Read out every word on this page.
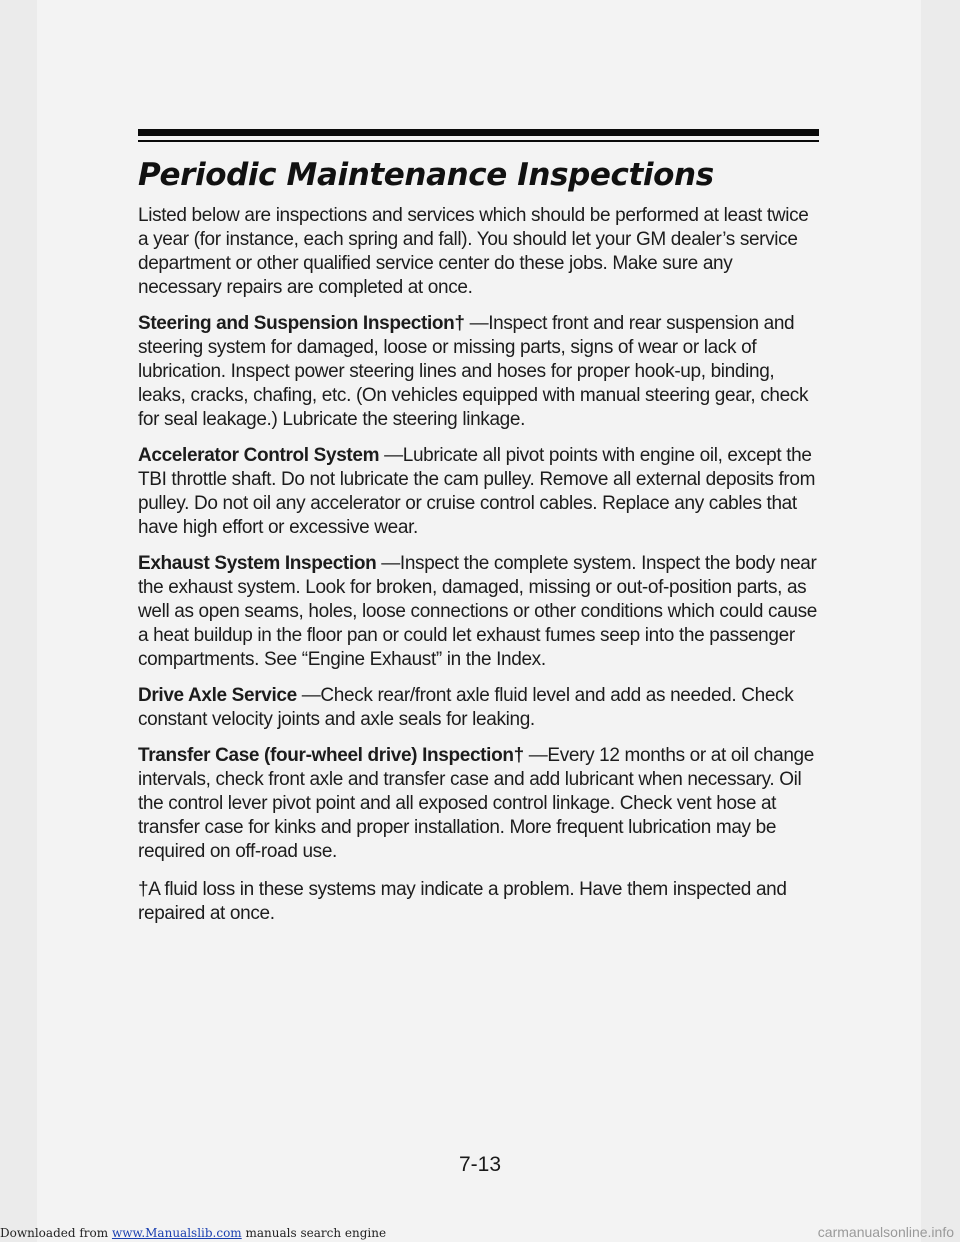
Periodic Maintenance Inspections

Listed below are inspections and services which should be performed at least twice a year (for instance, each spring and fall). You should let your GM dealer’s service department or other qualified service center do these jobs. Make sure any necessary repairs are completed at once.

Steering and Suspension Inspection† —Inspect front and rear suspension and steering system for damaged, loose or missing parts, signs of wear or lack of lubrication. Inspect power steering lines and hoses for proper hook-up, binding, leaks, cracks, chafing, etc. (On vehicles equipped with manual steering gear, check for seal leakage.) Lubricate the steering linkage.

Accelerator Control System —Lubricate all pivot points with engine oil, except the TBI throttle shaft. Do not lubricate the cam pulley. Remove all external deposits from pulley. Do not oil any accelerator or cruise control cables. Replace any cables that have high effort or excessive wear.

Exhaust System Inspection —Inspect the complete system. Inspect the body near the exhaust system. Look for broken, damaged, missing or out-of-position parts, as well as open seams, holes, loose connections or other conditions which could cause a heat buildup in the floor pan or could let exhaust fumes seep into the passenger compartments. See “Engine Exhaust” in the Index.

Drive Axle Service —Check rear/front axle fluid level and add as needed. Check constant velocity joints and axle seals for leaking.

Transfer Case (four-wheel drive) Inspection† —Every 12 months or at oil change intervals, check front axle and transfer case and add lubricant when necessary. Oil the control lever pivot point and all exposed control linkage. Check vent hose at transfer case for kinks and proper installation. More frequent lubrication may be required on off-road use.

†A fluid loss in these systems may indicate a problem. Have them inspected and repaired at once.

7-13
Downloaded from www.Manualslib.com manuals search engine	carmanualsonline.info
